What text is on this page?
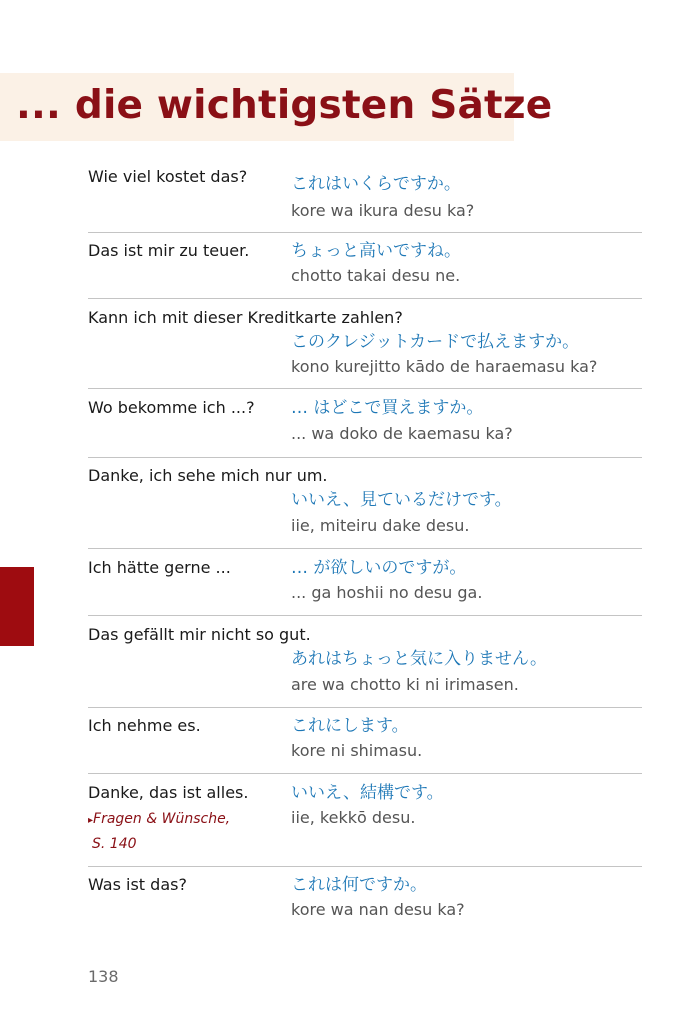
... die wichtigsten Sätze
Wie viel kostet das?	これはいくらですか。
kore wa ikura desu ka?
Das ist mir zu teuer. ちょっと高いですね。
chotto takai desu ne.
Kann ich mit dieser Kreditkarte zahlen?
このクレジットカードで払えますか。
kono kurejitto kādo de haraemasu ka?
Wo bekomme ich ...? … はどこで買えますか。
... wa doko de kaemasu ka?
Danke, ich sehe mich nur um.
いいえ、見ているだけです。
iie, miteiru dake desu.
Ich hätte gerne ...	… が欲しいのですが。
... ga hoshii no desu ga.
Das gefällt mir nicht so gut.
あれはちょっと気に入りません。
are wa chotto ki ni irimasen.
Ich nehme es.	これにします。
kore ni shimasu.
Danke, das ist alles.	いいえ、結構です。
iie, kekkō desu.
▸Fragen & Wünsche,
S. 140
Was ist das?	これは何ですか。
kore wa nan desu ka?
138
